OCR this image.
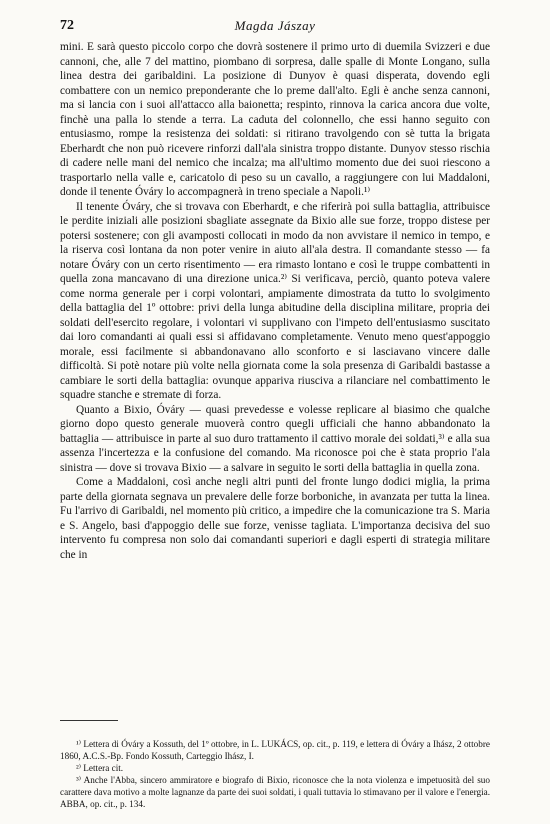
72	Magda Jászay

mini. E sarà questo piccolo corpo che dovrà sostenere il primo urto di duemila Svizzeri e due cannoni, che, alle 7 del mattino, piombano di sorpresa, dalle spalle di Monte Longano, sulla linea destra dei garibaldini. La posizione di Dunyov è quasi disperata, dovendo egli combattere con un nemico preponderante che lo preme dall'alto. Egli è anche senza cannoni, ma si lancia con i suoi all'attacco alla baionetta; respinto, rinnova la carica ancora due volte, finchè una palla lo stende a terra. La caduta del colonnello, che essi hanno seguito con entusiasmo, rompe la resistenza dei soldati: si ritirano travolgendo con sè tutta la brigata Eberhardt che non può ricevere rinforzi dall'ala sinistra troppo distante. Dunyov stesso rischia di cadere nelle mani del nemico che incalza; ma all'ultimo momento due dei suoi riescono a trasportarlo nella valle e, caricatolo di peso su un cavallo, a raggiungere con lui Maddaloni, donde il tenente Óváry lo accompagnerà in treno speciale a Napoli.¹⁾

Il tenente Óváry, che si trovava con Eberhardt, e che riferirà poi sulla battaglia, attribuisce le perdite iniziali alle posizioni sbagliate assegnate da Bixio alle sue forze, troppo distese per potersi sostenere; con gli avamposti collocati in modo da non avvistare il nemico in tempo, e la riserva così lontana da non poter venire in aiuto all'ala destra. Il comandante stesso — fa notare Óváry con un certo risentimento — era rimasto lontano e così le truppe combattenti in quella zona mancavano di una direzione unica.²⁾ Si verificava, perciò, quanto poteva valere come norma generale per i corpi volontari, ampiamente dimostrata da tutto lo svolgimento della battaglia del 1º ottobre: privi della lunga abitudine della disciplina militare, propria dei soldati dell'esercito regolare, i volontari vi supplivano con l'impeto dell'entusiasmo suscitato dai loro comandanti ai quali essi si affidavano completamente. Venuto meno quest'appoggio morale, essi facilmente si abbandonavano allo sconforto e si lasciavano vincere dalle difficoltà. Si potè notare più volte nella giornata come la sola presenza di Garibaldi bastasse a cambiare le sorti della battaglia: ovunque appariva riusciva a rilanciare nel combattimento le squadre stanche e stremate di forza.

Quanto a Bixio, Óváry — quasi prevedesse e volesse replicare al biasimo che qualche giorno dopo questo generale muoverà contro quegli ufficiali che hanno abbandonato la battaglia — attribuisce in parte al suo duro trattamento il cattivo morale dei soldati,³⁾ e alla sua assenza l'incertezza e la confusione del comando. Ma riconosce poi che è stata proprio l'ala sinistra — dove si trovava Bixio — a salvare in seguito le sorti della battaglia in quella zona.

Come a Maddaloni, così anche negli altri punti del fronte lungo dodici miglia, la prima parte della giornata segnava un prevalere delle forze borboniche, in avanzata per tutta la linea. Fu l'arrivo di Garibaldi, nel momento più critico, a impedire che la comunicazione tra S. Maria e S. Angelo, basi d'appoggio delle sue forze, venisse tagliata. L'importanza decisiva del suo intervento fu compresa non solo dai comandanti superiori e dagli esperti di strategia militare che in

¹⁾ Lettera di Óváry a Kossuth, del 1º ottobre, in L. LUKÁCS, op. cit., p. 119, e lettera di Óváry a Ihász, 2 ottobre 1860, A.C.S.-Bp. Fondo Kossuth, Carteggio Ihász, I.

²⁾ Lettera cit.

³⁾ Anche l'Abba, sincero ammiratore e biografo di Bixio, riconosce che la nota violenza e impetuosità del suo carattere dava motivo a molte lagnanze da parte dei suoi soldati, i quali tuttavia lo stimavano per il valore e l'energia. ABBA, op. cit., p. 134.
